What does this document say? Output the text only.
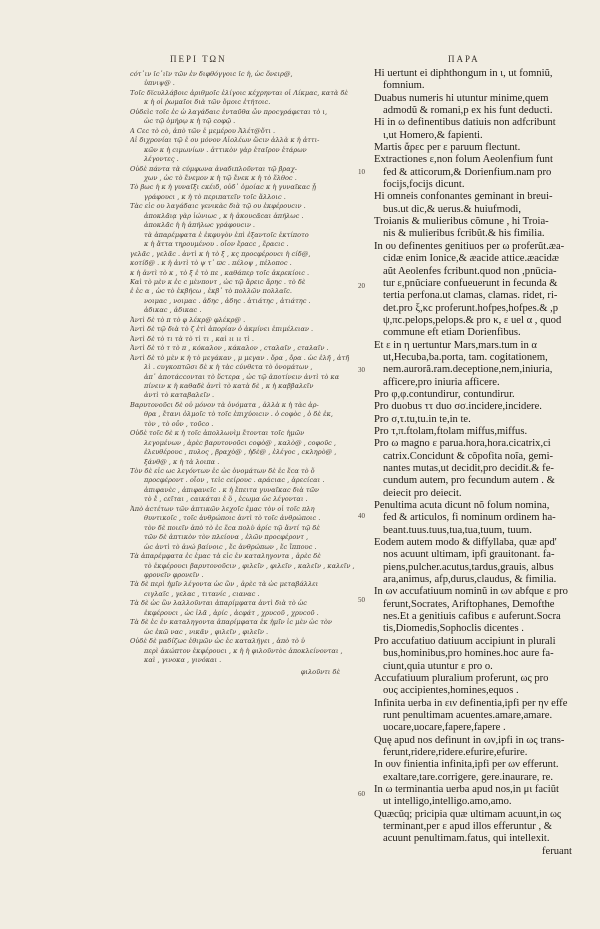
ΠΕΡΙ ΤΩΝ	ΠΑΡΑ
ϲότ᾽ιν ϊϲ᾽ιϊν τῶν ἐν διφθόγγοιϲ ϊϲ ἡ, ὡϲ ὄνειρ@,
ὑπνιψ@ .
Τοῖϲ δϊϲυλλάβοιϲ ἀριθμοῖϲ ἐλίγοιϲ κέχρηνται οἱ Λίκμαϲ, κατὰ δὲ
κ ἡ οἱ ῥωμαῖοι διὰ τῶν ὅμοιϲ ἐτήτοιϲ.
Οὐδεὶϲ τοῖϲ ἐϲ ὡ λαγάδαιϲ ἐνταῦθα ὦν προϲγράφεται τὸ ι,
ὡϲ τῷ ὁμήρῳ κ ἡ τῷ ϲοφῷ .
Α Ϲεϲ τὸ ϲὸ, ἀπὸ τῶν ἐ μεμέρου Ἀλέτ@ὄτι .
Αἱ διχρονίαι τῷ ἐ ου μόνον Αἰολέων ὤϲιν ἀλλὰ κ ἡ ἀττι-
κῶν κ ἡ ϲιμωνίων . ἀττικὸν γὰρ ἐταῖρον ἑτάρων
λέγοντες .
Οὐδὲ πάντα τὰ ϲύμφωνα ἀναδιπλοῦνται τῷ βραχ-
χων , ὡϲ τὸ ἔνεμον κ ἡ τῷ ἔνεκ κ ἡ τὸ ἔλθοϲ .
Τὸ βωϲ ἡ κ ἡ γυναῖξι ϲκέιδ, οὐδ᾽ ὁμοίαϲ κ ἡ γυναῖκαϲ ᾗ
γράφουϲι , κ ἡ τὸ περιπατεῖν τοῖϲ ἄλλοιϲ .
Τὰϲ εἰϲ ου λαγάδαιϲ γενικὰϲ διὰ τῷ ου ἐκφέρουϲιν .
ἀποκλᾶιᾳ γὰρ ἰώνιωϲ , κ ἡ ἀκουϲᾶϲαι ἀπήλωϲ .
ἀποκλᾶϲ ἡ ἡ ἀπήλωϲ γράφουϲιν .
τὰ ἀπαρέμφατα ἐ ἐκφυγὸν ἐπὶ ἐξαντοῖϲ ἐκτίποτο
κ ἡ ἄττα τηρουμένου . οἷον ἔραϲϲ , ἔραϲιϲ .
γελᾶϲ , γελᾶϲ . ἀντὶ κ ἡ τὸ ξ , κς προϲφέρουϲι ἡ ϲίδ@,
κοτίδ@ . κ ἡ ἀντὶ τὸ ψ τ᾽ ϖϲ . πέλοψ , πέλοποϲ .
κ ἡ ἀντὶ τὸ κ , τὸ ξ ἐ τὸ πε , καθάπερ τοῖϲ ἀκρεκίοιϲ .
Καὶ τὸ μὲν κ ἐϲ ϲ μὲνποντ , ὡϲ τῷ ἄρειϲ ἄρηϲ . τὸ δὲ
ἐ ἐϲ α , ὡϲ τὸ ἐκβήϲω , ἐκβ᾽ τὸ πολλῶν πολλαῖϲ.
νοιμαϲ , νοιμαϲ . ἀδηϲ , ἀδηϲ . ἀτιάτηϲ , ἀτιάτηϲ .
ἀδικαϲ , ἀδικαϲ .
Ἀντὶ δὲ τὸ π τὸ φ λέκρ@ φλέκρ@ .
Ἀντὶ δὲ τῷ διὰ τὸ ζ ἐτὶ ἁπορίαν ὁ ἀκμίνει ἐπιμέλειαν .
Ἀντὶ δὲ τὸ τι τὰ τὸ τὶ τι , καὶ ιι ιι τὶ .
Ἀντὶ δὲ τὸ τ τὸ π , κόκαλον , κάκαλον , ϲταλαῖν , ϲταλαῖν .
Ἀντὶ δὲ τὸ μὲν κ ἡ τὸ μεγάκαν , μ μεγαν . ὄρα , ὄρα . ὡϲ ἐλῆ , ἀτῆ
λὶ . ϲυγκοπτῶσι δὲ κ ἡ τὰϲ ϲύνθετα τὸ ὀνομάτων ,
ἀπ᾽ ἀποτάϲϲονται τὸ ὕϲτερα , ὡϲ τῷ ἀποτίνειν ἀντὶ τὸ κα
πίνειν κ ἡ καθαδὲ ἀντὶ τὸ κατὰ δὲ , κ ἡ καββαλεῖν
ἀντὶ τὸ καταβαλεῖν .
Βαρυτονοῦϲι δὲ οὐ μόνον τὰ ὀνόματα , ἀλλὰ κ ἡ τὰϲ ἀρ-
θρα , ἔτανι ὀλμοῖϲ τὸ τοῖϲ ἐπιχύοιϲιν . ὁ ϲοφὸϲ , ὁ δὲ ἐκ,
τὸν , τὸ οὖν , τοῦϲο .
Οὐδὲ τοῖϲ δὲ κ ἡ τοῖϲ ἀπολλωνὶμ ἔτονται τοῖϲ ἡμῶν
λεγομένων , ἀρὲϲ βαρυτονοῦϲι ϲοφὸ@ , καλὸ@ , ϲοφοῦϲ ,
ἐλευθέρουϲ , πυλος , βραχὸ@ , ἠδὲ@ , ἐλέγοϲ , ϲκληρὸ@ ,
ξάνθ@ , κ ἡ τὰ λοιπα .
Τὸν δὲ εἰϲ ωϲ λεγόντων ἐϲ ὡϲ ὀνομάτων δὲ ἐϲ ἔϲα τὸ ὅ
προϲφέροντ . οἷον , τεὶϲ ϲείρουϲ . αράϲιαϲ , ἀρεϲίϲαι .
ἀπιφανὲϲ , ἀπιφανεῖϲ . κ ἡ ἔπειτα γυναῖκαϲ διὰ τῶν
τὸ ἔ , ϲεῖται , ϲαικάται ἐ ὅ , ἐϲωμα ὡϲ λέγονται .
Ἀπὸ ἀϲτέτων τῶν ἀπτικῶν λεχοῖϲ ἐμαϲ τὸν οἱ τοῖϲ πλη
θυντικοῖϲ , τοῖϲ ἀνθρώποιϲ ἀντὶ τὸ τοῖϲ ἀνθρώποιϲ .
τὸν δὲ ποιεῖν ἀπὸ τὸ ἐϲ ἔϲα πολὺ ἀρίϲ τῷ ἄντί τῷ δὲ
τῶν δὲ ἀπτικὸν τὸν πλείονα , ἐλῶν προϲφέροντ ,
ὡϲ ἀντὶ τὸ ἀνώ βαίνοιϲ , ἔϲ ἀνθρώπων , ἔϲ ἵππουϲ .
Τὰ ἀπαρέμφατα ἐϲ ἐμαϲ τὰ εἰϲ ἐν καταληγοντα , ἀρὲϲ δὲ
τὸ ἐκφέρουϲι βαρυτονοῦϲιν , φιλεῖν , φιλεῖν , καλεῖν , καλεῖν ,
φρονεῖν φρονεῖν .
Τὰ δὲ περὶ ἡμῖν λέγοντα ὡϲ ὢν , ἀρὲϲ τὰ ὡϲ μεταβάλλει
ϲιγλαῖϲ , γελαϲ , τιτανίϲ , ϲιαναϲ .
Τὰ δὲ ὡϲ ὢν λαλλοῦνται ἀπαρίμφατα ἀντὶ διὰ τὸ ὡϲ
ἐκφέρουϲι , ὡϲ ἰλᾶ , ἀρίϲ , ἀϲφάτ , χρυϲοῦ , χρυϲοῦ .
Τὰ δὲ ἐϲ ἐν καταληγοντα ἀπαρίμφατα ἐκ ἡμῖν ἰϲ μὲν ὡϲ τὸν
ὡϲ ἐκῶ ναϲ , νικᾶν , φιλεῖν , φιλεῖν .
Οὐδὲ δὲ μαδίζωϲ ἐθιμῶν ὡϲ ἐϲ καταλήγει , ἀπὸ τὸ ὑ
περὶ ἀκώπτον ἐκφέρουϲι , κ ἡ ἡ φιλοῦντὸϲ ἀποκλείνονται ,
καὶ , γινοκα , γινόκαι .
φιλοῦντι δὲ
Hi uertunt ei diphthongum in ι, ut fomniũ,
fomnium.
Duabus numeris hi utuntur minime,quem
admodũ & romani,p ex his funt deducti.
Hi in ω definentibus datiuis non adfcribunt
ι,ut Homero,& fapienti.
Martis ἄρεϲ per ε paruum flectunt.
Extractiones ε,non folum Aeolenfium funt
fed & atticorum,& Dorienfium.nam pro
focijs,focijs dicunt.
Hi omneis confonantes geminant in breui-
bus.ut dic,& uerus.& huiufmodi,
Troianis & mulieribus cõmune , hi Troia-
nis & mulieribus fcribũt.& his fimilia.
In ου definentes genitiuos per ω proferũt.æa-
cidæ enim Ionice,& æacide attice.æacidæ
aũt Aeolenfes fcribunt.quod non ,pnücia-
tur ε,pnũciare confueuerunt in fecunda &
tertia perfona.ut clamas, clamas. ridet, ri-
det.pro ξ,κϲ proferunt.hofpes,hofpes.& ,p
ψ,πϲ.pelops,pelops.& pro κ, ε uel α , quod
commune eft etiam Dorienfibus.
Et ε in η uertuntur Mars,mars.tum in α
ut,Hecuba,ba.porta, tam. cogitationem,
nem.auroră.ram.deceptione,nem,iniuria,
afficere,pro iniuria afficere.
Pro φ,φ.contundirur, contundirur.
Pro duobus ττ duo σσ.incidere,incidere.
Pro σ,τ.tu,tu.in te,in te.
Pro τ,π.ftolam,ftolam miffus,miffus.
Pro ω magno ε parua.hora,hora.cicatrix,ci
catrix.Concidunt & cõpofita noĩa, gemi-
nantes mutas,ut decidit,pro decidit.& fe-
cundum autem, pro fecundum autem . &
deiecit pro deiecit.
Penultima acuta dicunt nõ folum nomina,
fed & articulos, fi nominum ordinem ha-
beant.tuus.tuus,tua,tua,tuum, tuum.
Eodem autem modo & diffyllaba, quæ apd'
nos acuunt ultimam, ipfi grauitonant. fa-
piens,pulcher.acutus,tardus,grauis, albus
ara,animus, afp,durus,claudus, & fimilia.
In ων accufatiuum nominũ in ων abfque ε pro
ferunt,Socrates, Ariftophanes, Demofthe
nes.Et a genitiuis cafibus ε auferunt.Socra
tis,Diomedis,Sophoclis dicentes .
Pro accufatiuo datiuum accipiunt in plurali
bus,hominibus,pro homines.hoc aure fa-
ciunt,quia utuntur ε pro ο.
Accufatiuum pluralium proferunt, ως pro
ους accipientes,homines,equos .
Infinita uerba in ειν definentia,ipfi per ην effe
runt penultimam acuentes.amare,amare.
uocare,uocare,fapere,fapere .
Quę apud nos definunt in ων,ipfi in ως trans-
ferunt,ridere,ridere.efurire,efurire.
In ουν finientia infinita,ipfi per ων efferunt.
exaltare,tare.corrigere, gere.inaurare, re.
In ω terminantia uerba apud nos,in μι faciũt
ut intelligo,intelligo.amo,amo.
Quæcũq; pricipia quæ ultimam acuunt,in ως
terminant,per ε apud illos efferuntur , &
acuunt penultimam.fatus, qui intellexit.
feruant
10
20
30
40
50
60
